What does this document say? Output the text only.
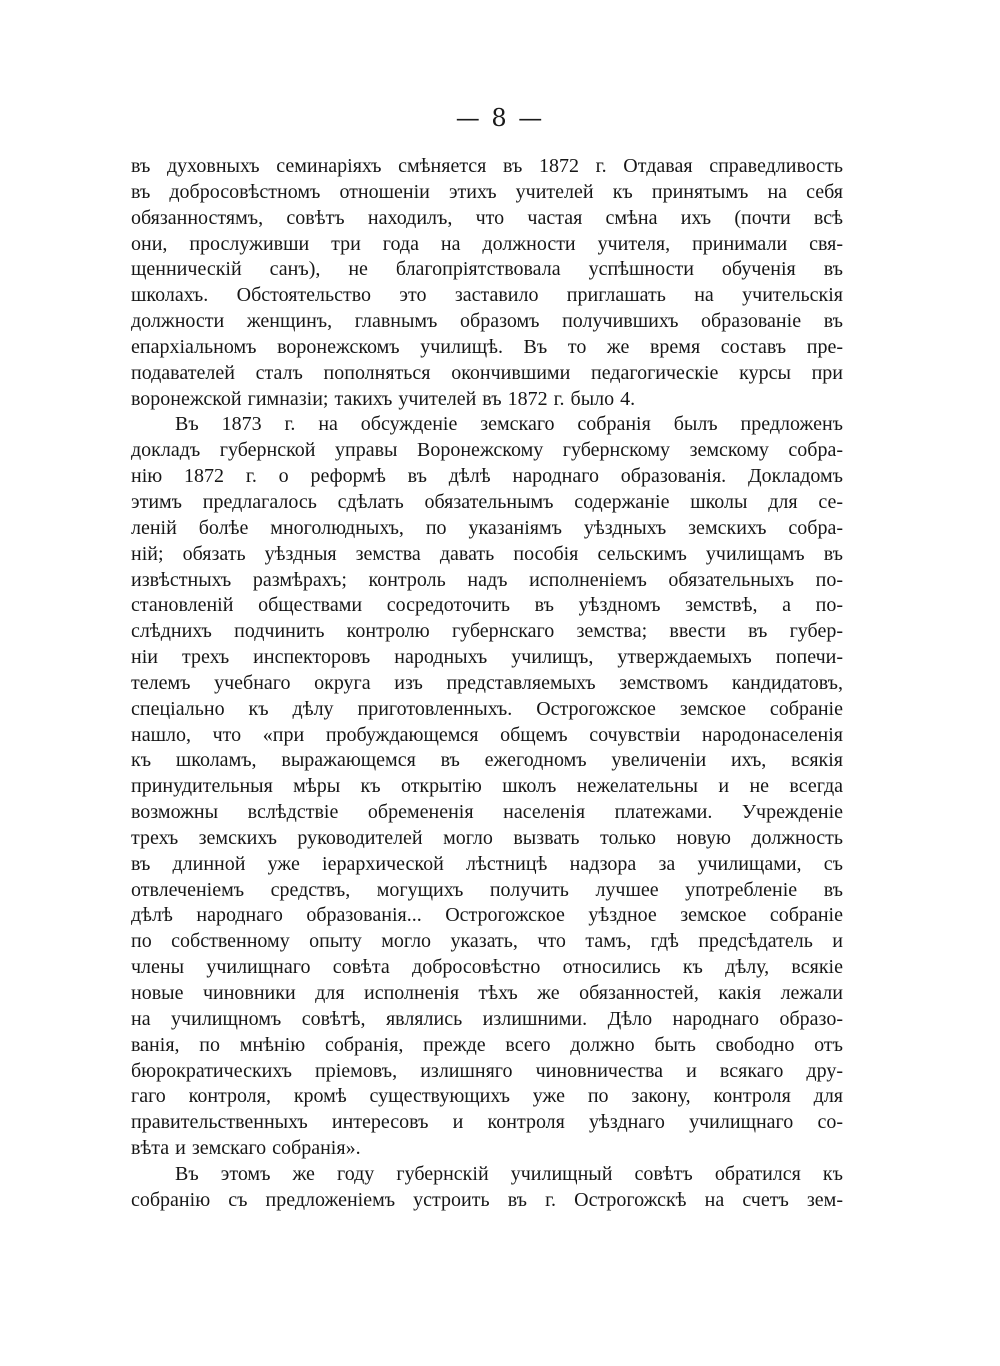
— 8 —
въ духовныхъ семинаріяхъ смѣняется въ 1872 г. Отдавая справедливость
въ добросовѣстномъ отношеніи этихъ учителей къ принятымъ на себя
обязанностямъ, совѣтъ находилъ, что частая смѣна ихъ (почти всѣ
они, прослуживши три года на должности учителя, принимали свя-
щенническій санъ), не благопріятствовала успѣшности обученія въ
школахъ. Обстоятельство это заставило приглашать на учительскія
должности женщинъ, главнымъ образомъ получившихъ образованіе въ
епархіальномъ воронежскомъ училищѣ. Въ то же время составъ пре-
подавателей сталъ пополняться окончившими педагогическіе курсы при
воронежской гимназіи; такихъ учителей въ 1872 г. было 4.
Въ 1873 г. на обсужденіе земскаго собранія былъ предложенъ
докладъ губернской управы Воронежскому губернскому земскому собра-
нію 1872 г. о реформѣ въ дѣлѣ народнаго образованія. Докладомъ
этимъ предлагалось сдѣлать обязательнымъ содержаніе школы для се-
леній болѣе многолюдныхъ, по указаніямъ уѣздныхъ земскихъ собра-
ній; обязать уѣздныя земства давать пособія сельскимъ училищамъ въ
извѣстныхъ размѣрахъ; контроль надъ исполненіемъ обязательныхъ по-
становленій обществами сосредоточить въ уѣздномъ земствѣ, а по-
слѣднихъ подчинить контролю губернскаго земства; ввести въ губер-
ніи трехъ инспекторовъ народныхъ училищъ, утверждаемыхъ попечи-
телемъ учебнаго округа изъ представляемыхъ земствомъ кандидатовъ,
спеціально къ дѣлу приготовленныхъ. Острогожское земское собраніе
нашло, что «при пробуждающемся общемъ сочувствіи народонаселенія
къ школамъ, выражающемся въ ежегодномъ увеличеніи ихъ, всякія
принудительныя мѣры къ открытію школъ нежелательны и не всегда
возможны вслѣдствіе обремененія населенія платежами. Учрежденіе
трехъ земскихъ руководителей могло вызвать только новую должность
въ длинной уже іерархической лѣстницѣ надзора за училищами, съ
отвлеченіемъ средствъ, могущихъ получить лучшее употребленіе въ
дѣлѣ народнаго образованія... Острогожское уѣздное земское собраніе
по собственному опыту могло указать, что тамъ, гдѣ предсѣдатель и
члены училищнаго совѣта добросовѣстно относились къ дѣлу, всякіе
новые чиновники для исполненія тѣхъ же обязанностей, какія лежали
на училищномъ совѣтѣ, являлись излишними. Дѣло народнаго образо-
ванія, по мнѣнію собранія, прежде всего должно быть свободно отъ
бюрократическихъ пріемовъ, излишняго чиновничества и всякаго дру-
гаго контроля, кромѣ существующихъ уже по закону, контроля для
правительственныхъ интересовъ и контроля уѣзднаго училищнаго со-
вѣта и земскаго собранія».
Въ этомъ же году губернскій училищный совѣтъ обратился къ
собранію съ предложеніемъ устроить въ г. Острогожскѣ на счетъ зем-
